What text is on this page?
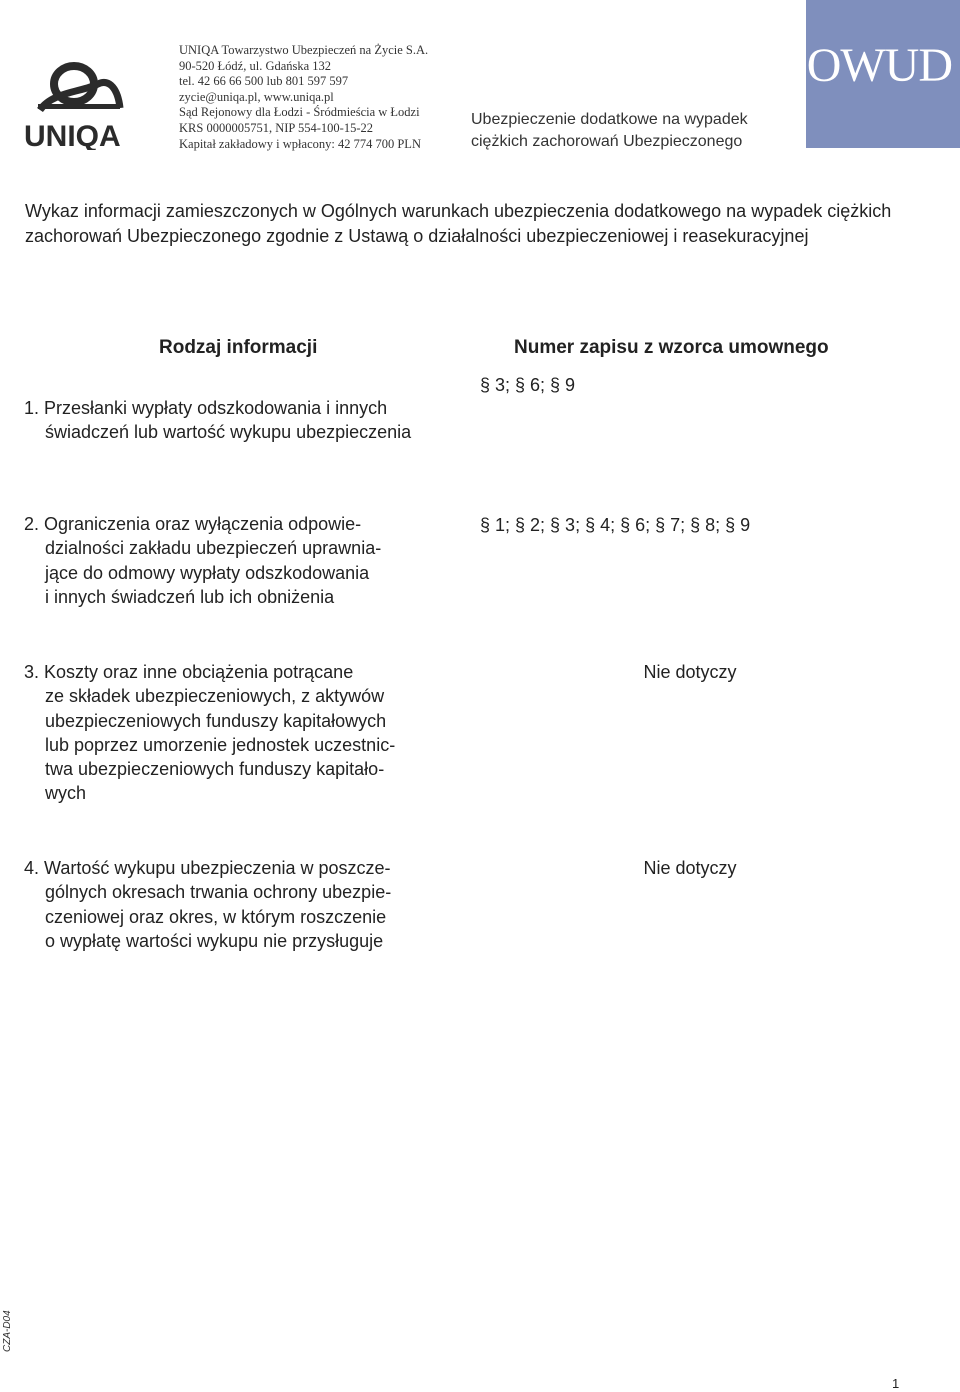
UNIQA
UNIQA Towarzystwo Ubezpieczeń na Życie S.A.
90-520 Łódź, ul. Gdańska 132
tel. 42 66 66 500 lub 801 597 597
zycie@uniqa.pl, www.uniqa.pl
Sąd Rejonowy dla Łodzi - Śródmieścia w Łodzi
KRS 0000005751, NIP 554-100-15-22
Kapitał zakładowy i wpłacony: 42 774 700 PLN
Ubezpieczenie dodatkowe na wypadek
ciężkich zachorowań Ubezpieczonego
OWUD
Wykaz informacji zamieszczonych w Ogólnych warunkach ubezpieczenia dodatkowego na wypadek ciężkich zachorowań Ubezpieczonego zgodnie z Ustawą o działalności ubezpieczeniowej i reasekuracyjnej
Rodzaj informacji	Numer zapisu z wzorca umownego
1. Przesłanki wypłaty odszkodowania i innych
świadczeń lub wartość wykupu ubezpieczenia
§ 3; § 6; § 9
2. Ograniczenia oraz wyłączenia odpowie-
dzialności zakładu ubezpieczeń uprawnia-
jące do odmowy wypłaty odszkodowania
i innych świadczeń lub ich obniżenia
§ 1; § 2; § 3; § 4; § 6; § 7; § 8; § 9
3. Koszty oraz inne obciążenia potrącane
ze składek ubezpieczeniowych, z aktywów
ubezpieczeniowych funduszy kapitałowych
lub poprzez umorzenie jednostek uczestnic-
twa ubezpieczeniowych funduszy kapitało-
wych
Nie dotyczy
4. Wartość wykupu ubezpieczenia w poszcze-
gólnych okresach trwania ochrony ubezpie-
czeniowej oraz okres, w którym roszczenie
o wypłatę wartości wykupu nie przysługuje
Nie dotyczy
CZA-D04
1
